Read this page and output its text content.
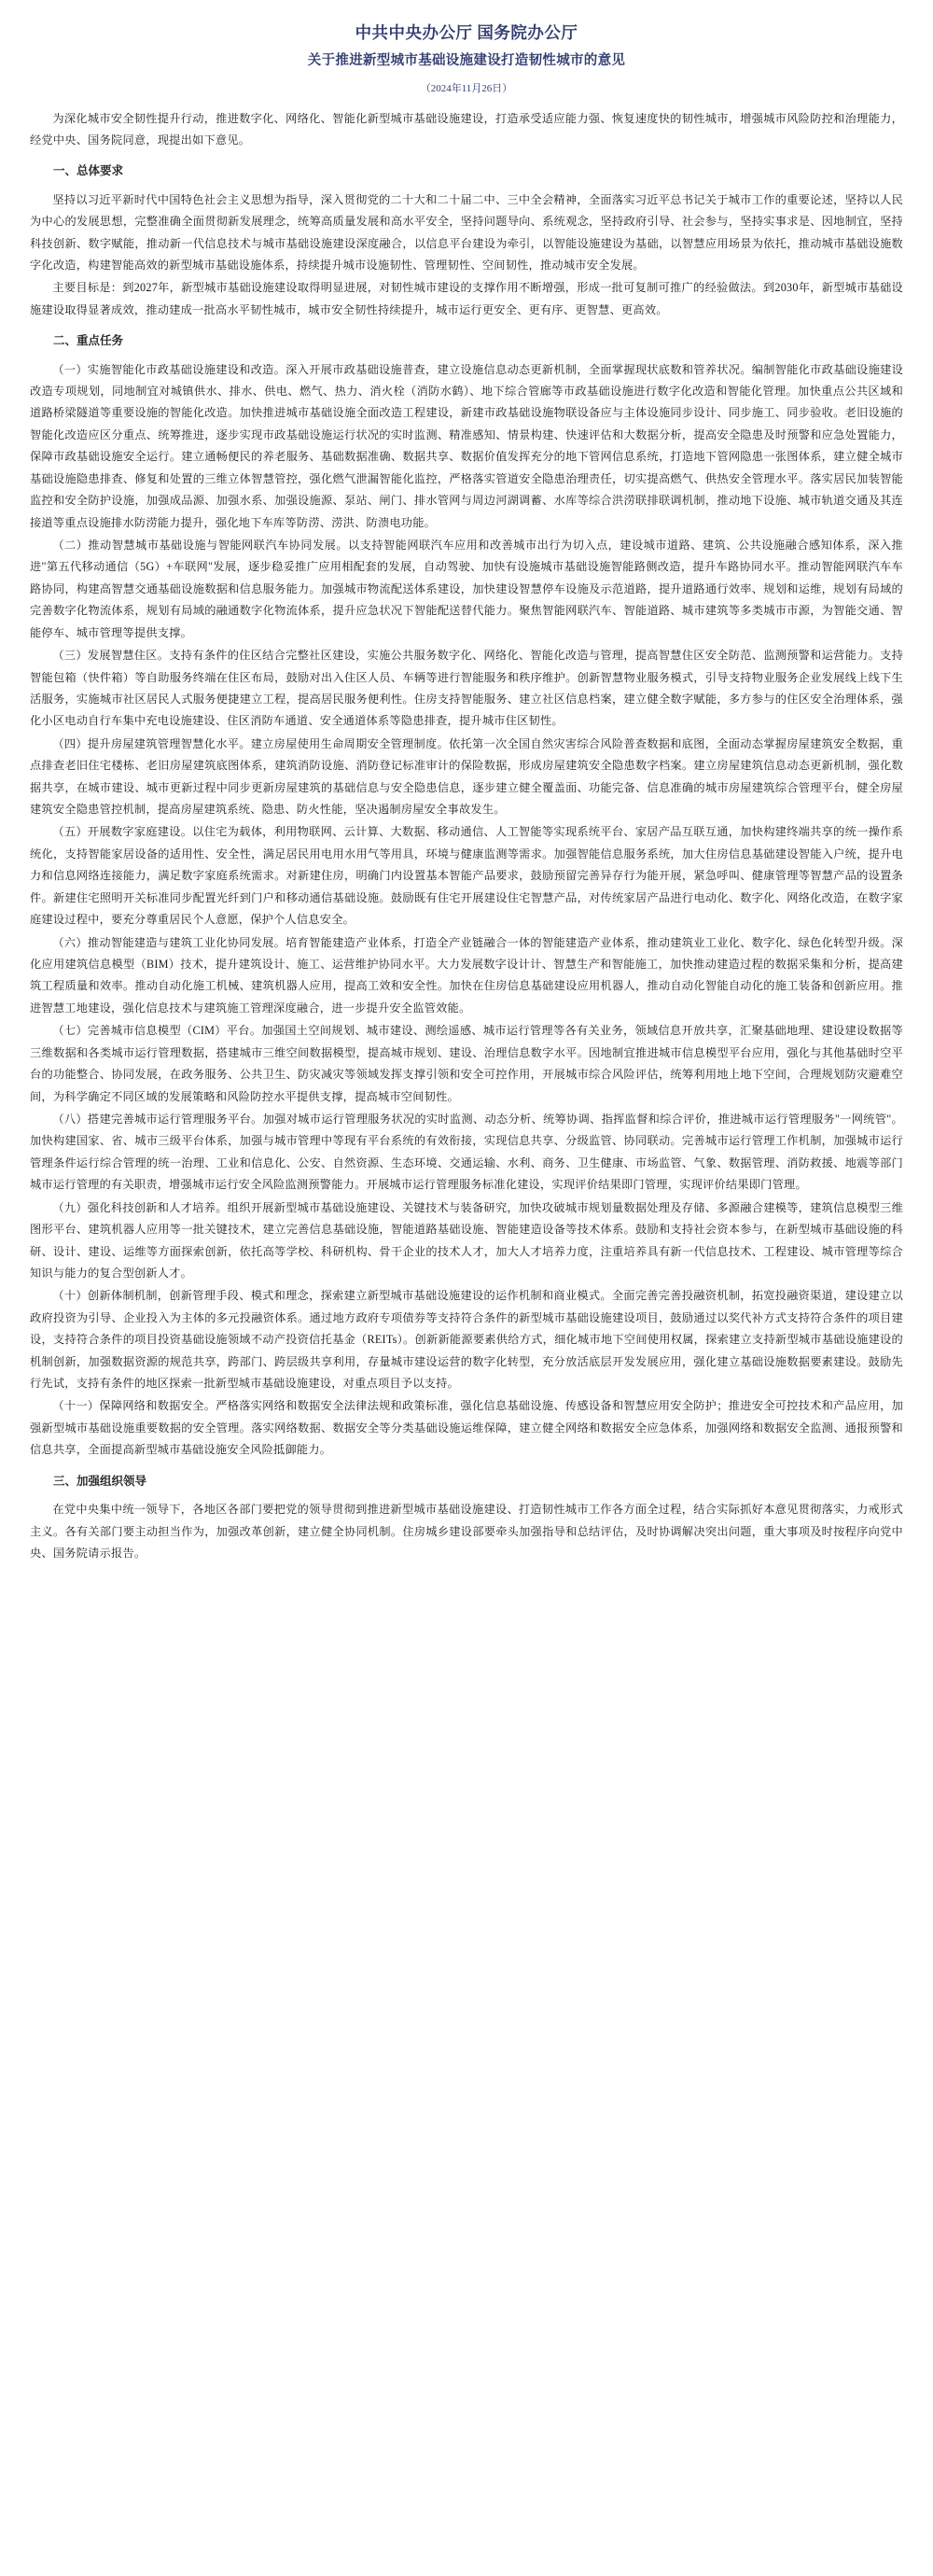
中共中央办公厅 国务院办公厅
关于推进新型城市基础设施建设打造韧性城市的意见
（2024年11月26日）

为深化城市安全韧性提升行动，推进数字化、网络化、智能化新型城市基础设施建设，打造承受适应能力强、恢复速度快的韧性城市，增强城市风险防控和治理能力，经党中央、国务院同意，现提出如下意见。

一、总体要求

坚持以习近平新时代中国特色社会主义思想为指导，深入贯彻党的二十大和二十届二中、三中全会精神，全面落实习近平总书记关于城市工作的重要论述，坚持以人民为中心的发展思想，完整准确全面贯彻新发展理念，统筹高质量发展和高水平安全，坚持问题导向、系统观念，坚持政府引导、社会参与，坚持实事求是、因地制宜，坚持科技创新、数字赋能，推动新一代信息技术与城市基础设施建设深度融合，以信息平台建设为牵引，以智能设施建设为基础，以智慧应用场景为依托，推动城市基础设施数字化改造，构建智能高效的新型城市基础设施体系，持续提升城市设施韧性、管理韧性、空间韧性，推动城市安全发展。

主要目标是：到2027年，新型城市基础设施建设取得明显进展，对韧性城市建设的支撑作用不断增强，形成一批可复制可推广的经验做法。到2030年，新型城市基础设施建设取得显著成效，推动建成一批高水平韧性城市，城市安全韧性持续提升，城市运行更安全、更有序、更智慧、更高效。

二、重点任务

（一）实施智能化市政基础设施建设和改造。深入开展市政基础设施普查，建立设施信息动态更新机制，全面掌握现状底数和管养状况。编制智能化市政基础设施建设改造专项规划，同地制宜对城镇供水、排水、供电、燃气、热力、消火栓（消防水鹤）、地下综合管廊等市政基础设施进行数字化改造和智能化管理。加快重点公共区域和道路桥梁隧道等重要设施的智能化改造。加快推进城市基础设施全面改造工程建设，新建市政基础设施物联设备应与主体设施同步设计、同步施工、同步验收。老旧设施的智能化改造应区分重点、统筹推进，逐步实现市政基础设施运行状况的实时监测、精准感知、情景构建、快速评估和大数据分析，提高安全隐患及时预警和应急处置能力，保障市政基础设施安全运行。建立通畅便民的养老服务、基础数据准确、数据共享、数据价值发挥充分的地下管网信息系统，打造地下管网隐患一张图体系，建立健全城市基础设施隐患排查、修复和处置的三维立体智慧管控，强化燃气泄漏智能化监控，严格落实管道安全隐患治理责任，切实提高燃气、供热安全管理水平。落实居民加装智能监控和安全防护设施，加强成品源、加强水系、加强设施源、泵站、闸门、排水管网与周边河湖调蓄、水库等综合洪涝联排联调机制，推动地下设施、城市轨道交通及其连接道等重点设施排水防涝能力提升，强化地下车库等防涝、涝洪、防溃电功能。

（二）推动智慧城市基础设施与智能网联汽车协同发展。以支持智能网联汽车应用和改善城市出行为切入点，建设城市道路、建筑、公共设施融合感知体系，深入推进"第五代移动通信（5G）+车联网"发展，逐步稳妥推广应用相配套的发展，自动驾驶、加快有设施城市基础设施智能路侧改造，提升车路协同水平。推动智能网联汽车车路协同，构建高智慧交通基础设施数据和信息服务能力。加强城市物流配送体系建设，加快建设智慧停车设施及示范道路，提升道路通行效率、规划和运维，规划有局域的完善数字化物流体系，规划有局域的融通数字化物流体系，提升应急状况下智能配送替代能力。聚焦智能网联汽车、智能道路、城市建筑等多类城市市源，为智能交通、智能停车、城市管理等提供支撑。

（三）发展智慧住区。支持有条件的住区结合完整社区建设，实施公共服务数字化、网络化、智能化改造与管理，提高智慧住区安全防范、监测预警和运营能力。支持智能包箱（快件箱）等自助服务终端在住区布局，鼓励对出入住区人员、车辆等进行智能服务和秩序维护。创新智慧物业服务模式，引导支持物业服务企业发展线上线下生活服务，实施城市社区居民人式服务便捷建立工程，提高居民服务便利性。住房支持智能服务、建立社区信息档案，建立健全数字赋能，多方参与的住区安全治理体系，强化小区电动自行车集中充电设施建设、住区消防车通道、安全通道体系等隐患排查，提升城市住区韧性。

（四）提升房屋建筑管理智慧化水平。建立房屋使用生命周期安全管理制度。依托第一次全国自然灾害综合风险普查数据和底图，全面动态掌握房屋建筑安全数据，重点排查老旧住宅楼栋、老旧房屋建筑底图体系，建筑消防设施、消防登记标准审计的保险数据，形成房屋建筑安全隐患数字档案。建立房屋建筑信息动态更新机制，强化数据共享，在城市建设、城市更新过程中同步更新房屋建筑的基础信息与安全隐患信息，逐步建立健全覆盖面、功能完备、信息准确的城市房屋建筑综合管理平台，健全房屋建筑安全隐患管控机制，提高房屋建筑系统、隐患、防火性能，坚决遏制房屋安全事故发生。

（五）开展数字家庭建设。以住宅为载体，利用物联网、云计算、大数据、移动通信、人工智能等实现系统平台、家居产品互联互通，加快构建终端共享的统一操作系统化，支持智能家居设备的适用性、安全性，满足居民用电用水用气等用具，环境与健康监测等需求。加强智能信息服务系统，加大住房信息基础建设智能入户统，提升电力和信息网络连接能力，满足数字家庭系统需求。对新建住房，明确门内设置基本智能产品要求，鼓励预留完善异存行为能开展，紧急呼叫、健康管理等智慧产品的设置条件。新建住宅照明开关标准同步配置光纤到门户和移动通信基础设施。鼓励既有住宅开展建设住宅智慧产品，对传统家居产品进行电动化、数字化、网络化改造，在数字家庭建设过程中，要充分尊重居民个人意愿，保护个人信息安全。

（六）推动智能建造与建筑工业化协同发展。培育智能建造产业体系，打造全产业链融合一体的智能建造产业体系，推动建筑业工业化、数字化、绿色化转型升级。深化应用建筑信息模型（BIM）技术，提升建筑设计、施工、运营维护协同水平。大力发展数字设计计、智慧生产和智能施工，加快推动建造过程的数据采集和分析，提高建筑工程质量和效率。推动自动化施工机械、建筑机器人应用，提高工效和安全性。加快在住房信息基础建设应用机器人，推动自动化智能自动化的施工装备和创新应用。推进智慧工地建设，强化信息技术与建筑施工管理深度融合，进一步提升安全监管效能。

（七）完善城市信息模型（CIM）平台。加强国土空间规划、城市建设、测绘遥感、城市运行管理等各有关业务，领域信息开放共享，汇聚基础地理、建设建设数据等三维数据和各类城市运行管理数据，搭建城市三维空间数据模型，提高城市规划、建设、治理信息数字水平。因地制宜推进城市信息模型平台应用，强化与其他基础时空平台的功能整合、协同发展，在政务服务、公共卫生、防灾减灾等领域发挥支撑引领和安全可控作用，开展城市综合风险评估，统筹利用地上地下空间，合理规划防灾避难空间，为科学确定不同区域的发展策略和风险防控水平提供支撑，提高城市空间韧性。

（八）搭建完善城市运行管理服务平台。加强对城市运行管理服务状况的实时监测、动态分析、统筹协调、指挥监督和综合评价，推进城市运行管理服务"一网统管"。加快构建国家、省、城市三级平台体系，加强与城市管理中等现有平台系统的有效衔接，实现信息共享、分级监管、协同联动。完善城市运行管理工作机制，加强城市运行管理条件运行综合管理的统一治理、工业和信息化、公安、自然资源、生态环境、交通运输、水利、商务、卫生健康、市场监管、气象、数据管理、消防救援、地震等部门城市运行管理的有关职责，增强城市运行安全风险监测预警能力。开展城市运行管理服务标准化建设，实现评价结果即门管理，实现评价结果即门管理。

（九）强化科技创新和人才培养。组织开展新型城市基础设施建设、关键技术与装备研究，加快攻破城市规划量数据处理及存储、多源融合建模等，建筑信息模型三维图形平台、建筑机器人应用等一批关键技术，建立完善信息基础设施，智能道路基础设施、智能建造设备等技术体系。鼓励和支持社会资本参与，在新型城市基础设施的科研、设计、建设、运维等方面探索创新，依托高等学校、科研机构、骨干企业的技术人才，加大人才培养力度，注重培养具有新一代信息技术、工程建设、城市管理等综合知识与能力的复合型创新人才。

（十）创新体制机制，创新管理手段、模式和理念，探索建立新型城市基础设施建设的运作机制和商业模式。全面完善完善投融资机制，拓宽投融资渠道，建设建立以政府投资为引导、企业投入为主体的多元投融资体系。通过地方政府专项债券等支持符合条件的新型城市基础设施建设项目，鼓励通过以奖代补方式支持符合条件的项目建设，支持符合条件的项目投资基础设施领域不动产投资信托基金（REITs）。创新新能源要素供给方式，细化城市地下空间使用权属，探索建立支持新型城市基础设施建设的机制创新，加强数据资源的规范共享，跨部门、跨层级共享利用，存量城市建设运营的数字化转型，充分放活底层开发发展应用，强化建立基础设施数据要素建设。鼓励先行先试，支持有条件的地区探索一批新型城市基础设施建设，对重点项目予以支持。

（十一）保障网络和数据安全。严格落实网络和数据安全法律法规和政策标准，强化信息基础设施、传感设备和智慧应用安全防护；推进安全可控技术和产品应用，加强新型城市基础设施重要数据的安全管理。落实网络数据、数据安全等分类基础设施运维保障，建立健全网络和数据安全应急体系，加强网络和数据安全监测、通报预警和信息共享，全面提高新型城市基础设施安全风险抵御能力。

三、加强组织领导

在党中央集中统一领导下，各地区各部门要把党的领导贯彻到推进新型城市基础设施建设、打造韧性城市工作各方面全过程，结合实际抓好本意见贯彻落实，力戒形式主义。各有关部门要主动担当作为，加强改革创新，建立健全协同机制。住房城乡建设部要牵头加强指导和总结评估，及时协调解决突出问题，重大事项及时按程序向党中央、国务院请示报告。
